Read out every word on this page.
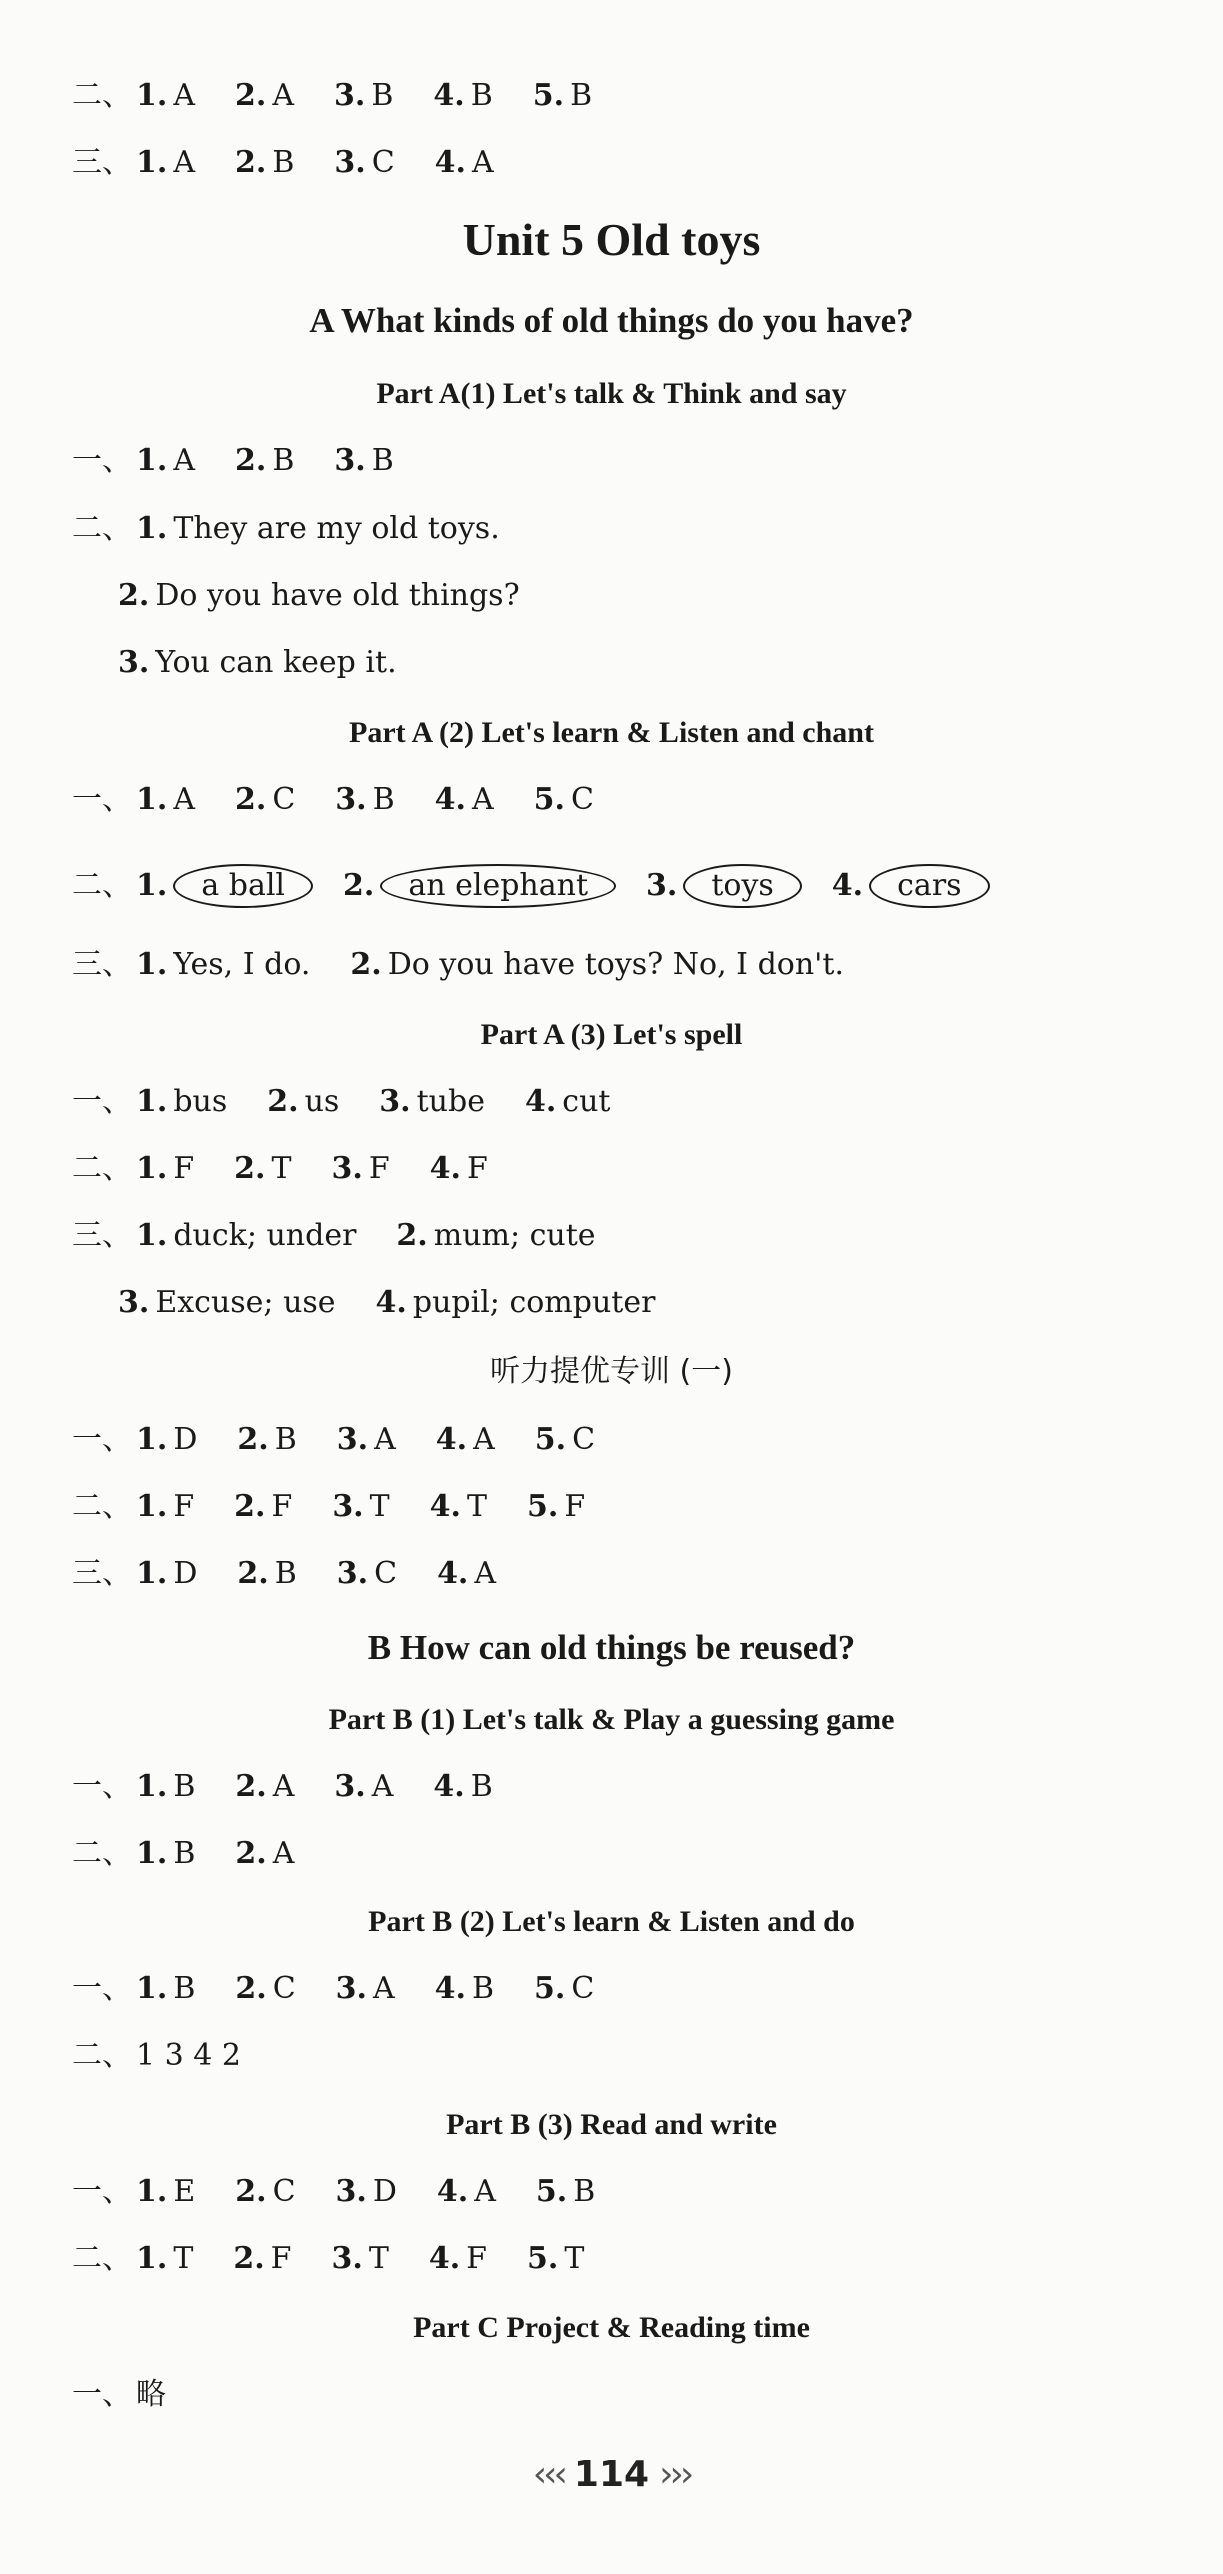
Unit 5 Old toys
A What kinds of old things do you have?
Part A(1) Let's talk & Think and say
Part A (2) Let's learn & Listen and chant
Part A (3) Let's spell
听力提优专训 (一)
B How can old things be reused?
Part B (1) Let's talk & Play a guessing game
Part B (2) Let's learn & Listen and do
Part B (3) Read and write
Part C Project & Reading time
二、 1. A 2. A 3. B 4. B 5. B
三、 1. A 2. B 3. C 4. A
一、 1. A 2. B 3. B
二、 1. They are my old toys.
2. Do you have old things?
3. You can keep it.
一、 1. A 2. C 3. B 4. A 5. C
二、 1. a ball 2. an elephant 3. toys 4. cars
三、 1. Yes, I do. 2. Do you have toys? No, I don't.
一、 1. bus 2. us 3. tube 4. cut
二、 1. F 2. T 3. F 4. F
三、 1. duck; under 2. mum; cute
3. Excuse; use 4. pupil; computer
一、 1. D 2. B 3. A 4. A 5. C
二、 1. F 2. F 3. T 4. T 5. F
三、 1. D 2. B 3. C 4. A
一、 1. B 2. A 3. A 4. B
二、 1. B 2. A
一、 1. B 2. C 3. A 4. B 5. C
二、 1 3 4 2
一、 1. E 2. C 3. D 4. A 5. B
二、 1. T 2. F 3. T 4. F 5. T
一、 略
‹‹‹ 114 ›››
